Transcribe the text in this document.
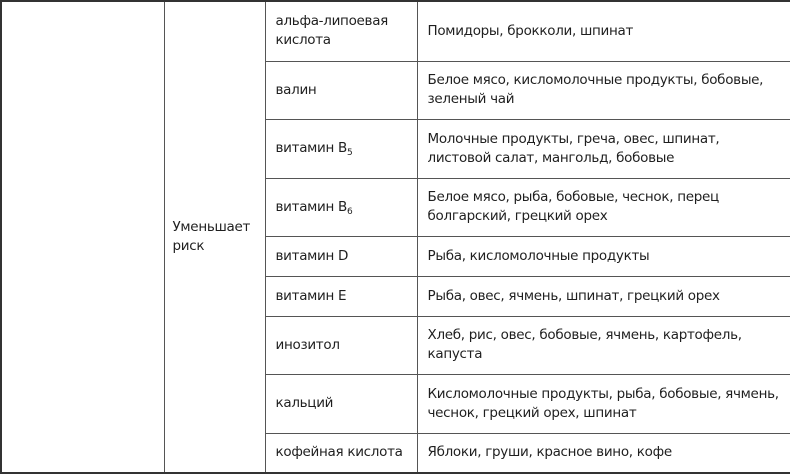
	Уменьшает риск	альфа-липоевая кислота	Помидоры, брокколи, шпинат
		валин	Белое мясо, кисломолочные продукты, бобовые, зеленый чай
		витамин $B_5$	Молочные продукты, греча, овес, шпинат, листовой салат, мангольд, бобовые
		витамин $B_6$	Белое мясо, рыба, бобовые, чеснок, перец болгарский, грецкий орех
		витамин D	Рыба, кисломолочные продукты
		витамин E	Рыба, овес, ячмень, шпинат, грецкий орех
		инозитол	Хлеб, рис, овес, бобовые, ячмень, картофель, капуста
		кальций	Кисломолочные продукты, рыба, бобовые, ячмень, чеснок, грецкий орех, шпинат
		кофейная кислота	Яблоки, груши, красное вино, кофе
